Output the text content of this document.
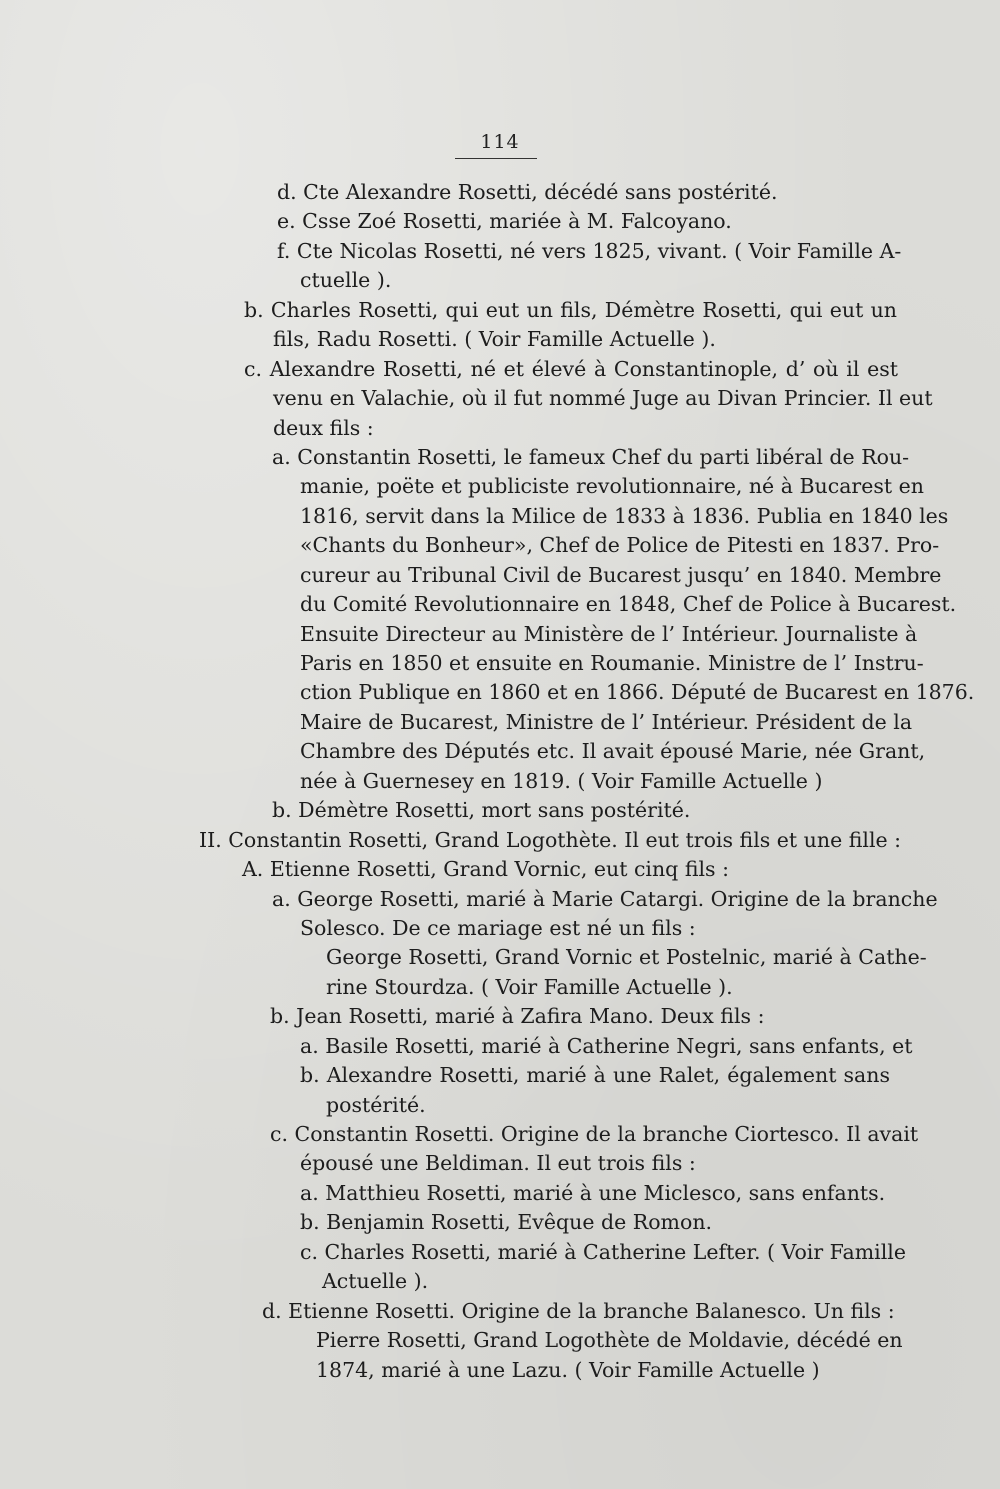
114
d. Cte Alexandre Rosetti, décédé sans postérité.
e. Csse Zoé Rosetti, mariée à M. Falcoyano.
f. Cte Nicolas Rosetti, né vers 1825, vivant. ( Voir Famille A-
ctuelle ).
b. Charles Rosetti, qui eut un fils, Démètre Rosetti, qui eut un
fils, Radu Rosetti. ( Voir Famille Actuelle ).
c. Alexandre Rosetti, né et élevé à Constantinople, d’ où il est
venu en Valachie, où il fut nommé Juge au Divan Princier. Il eut
deux fils :
a. Constantin Rosetti, le fameux Chef du parti libéral de Rou-
manie, poëte et publiciste revolutionnaire, né à Bucarest en
1816, servit dans la Milice de 1833 à 1836. Publia en 1840 les
«Chants du Bonheur», Chef de Police de Pitesti en 1837. Pro-
cureur au Tribunal Civil de Bucarest jusqu’ en 1840. Membre
du Comité Revolutionnaire en 1848, Chef de Police à Bucarest.
Ensuite Directeur au Ministère de l’ Intérieur. Journaliste à
Paris en 1850 et ensuite en Roumanie. Ministre de l’ Instru-
ction Publique en 1860 et en 1866. Député de Bucarest en 1876.
Maire de Bucarest, Ministre de l’ Intérieur. Président de la
Chambre des Députés etc. Il avait épousé Marie, née Grant,
née à Guernesey en 1819. ( Voir Famille Actuelle )
b. Démètre Rosetti, mort sans postérité.
II. Constantin Rosetti, Grand Logothète. Il eut trois fils et une fille :
A. Etienne Rosetti, Grand Vornic, eut cinq fils :
a. George Rosetti, marié à Marie Catargi. Origine de la branche
Solesco. De ce mariage est né un fils :
George Rosetti, Grand Vornic et Postelnic, marié à Cathe-
rine Stourdza. ( Voir Famille Actuelle ).
b. Jean Rosetti, marié à Zafira Mano. Deux fils :
a. Basile Rosetti, marié à Catherine Negri, sans enfants, et
b. Alexandre Rosetti, marié à une Ralet, également sans
postérité.
c. Constantin Rosetti. Origine de la branche Ciortesco. Il avait
épousé une Beldiman. Il eut trois fils :
a. Matthieu Rosetti, marié à une Miclesco, sans enfants.
b. Benjamin Rosetti, Evêque de Romon.
c. Charles Rosetti, marié à Catherine Lefter. ( Voir Famille
Actuelle ).
d. Etienne Rosetti. Origine de la branche Balanesco. Un fils :
Pierre Rosetti, Grand Logothète de Moldavie, décédé en
1874, marié à une Lazu. ( Voir Famille Actuelle )
